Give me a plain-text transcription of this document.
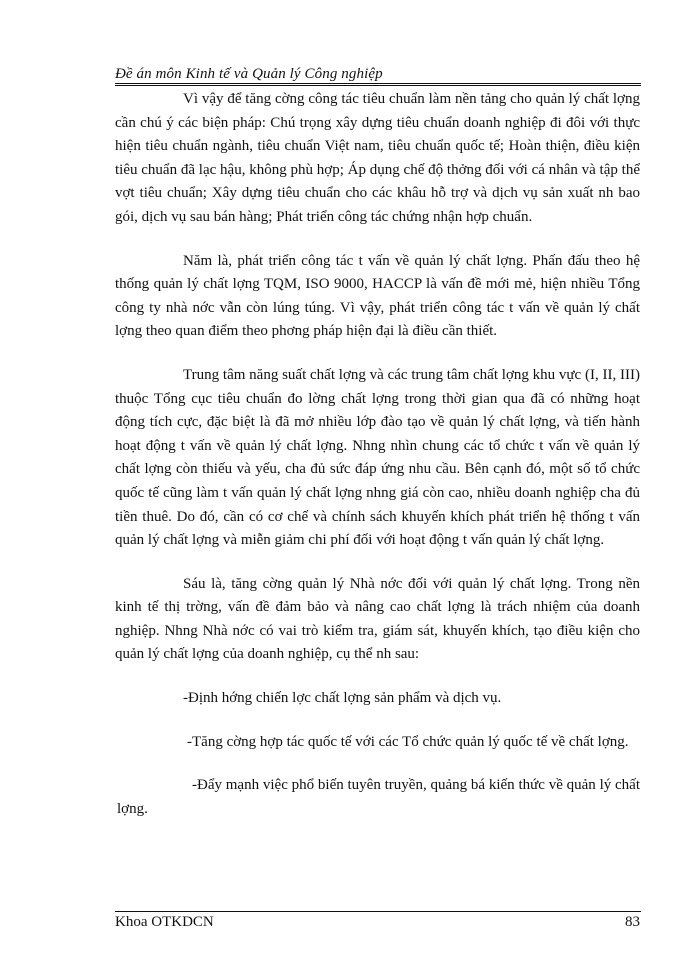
Đề án môn Kinh tế và Quản lý Công nghiệp

Vì vậy để tăng cờng công tác tiêu chuẩn làm nền tảng cho quản lý chất lợng cần chú ý các biện pháp: Chú trọng xây dựng tiêu chuẩn doanh nghiệp đi đôi với thực hiện tiêu chuẩn ngành, tiêu chuẩn Việt nam, tiêu chuẩn quốc tế; Hoàn thiện, điều kiện tiêu chuẩn đã lạc hậu, không phù hợp; Áp dụng chế độ thởng đối với cá nhân và tập thể vợt tiêu chuẩn; Xây dựng tiêu chuẩn cho các khâu hỗ trợ và dịch vụ sản xuất nh bao gói, dịch vụ sau bán hàng; Phát triển công tác chứng nhận hợp chuẩn.

Năm là, phát triển công tác t vấn về quản lý chất lợng. Phấn đấu theo hệ thống quản lý chất lợng TQM, ISO 9000, HACCP là vấn đề mới mẻ, hiện nhiều Tổng công ty nhà nớc vẫn còn lúng túng. Vì vậy, phát triển công tác t vấn về quản lý chất lợng theo quan điểm theo phơng pháp hiện đại là điều cần thiết.

Trung tâm năng suất chất lợng và các trung tâm chất lợng khu vực (I, II, III) thuộc Tổng cục tiêu chuẩn đo lờng chất lợng trong thời gian qua đã có những hoạt động tích cực, đặc biệt là đã mở nhiều lớp đào tạo về quản lý chất lợng, và tiến hành hoạt động t vấn về quản lý chất lợng. Nhng nhìn chung các tổ chức t vấn về quản lý chất lợng còn thiếu và yếu, cha đủ sức đáp ứng nhu cầu. Bên cạnh đó, một số tổ chức quốc tế cũng làm t vấn quản lý chất lợng nhng giá còn cao, nhiều doanh nghiệp cha đủ tiền thuê. Do đó, cần có cơ chế và chính sách khuyến khích phát triển hệ thống t vấn quản lý chất lợng và miễn giảm chi phí đối với hoạt động t vấn quản lý chất lợng.

Sáu là, tăng cờng quản lý Nhà nớc đối với quản lý chất lợng. Trong nền kinh tế thị trờng, vấn đề đảm bảo và nâng cao chất lợng là trách nhiệm của doanh nghiệp. Nhng Nhà nớc có vai trò kiểm tra, giám sát, khuyến khích, tạo điều kiện cho quản lý chất lợng của doanh nghiệp, cụ thể nh sau:

-Định hớng chiến lợc chất lợng sản phẩm và dịch vụ.

-Tăng cờng hợp tác quốc tế với các Tổ chức quản lý quốc tế về chất lợng.

-Đẩy mạnh việc phổ biến tuyên truyền, quảng bá kiến thức về quản lý chất lợng.

Khoa OTKDCN	83
